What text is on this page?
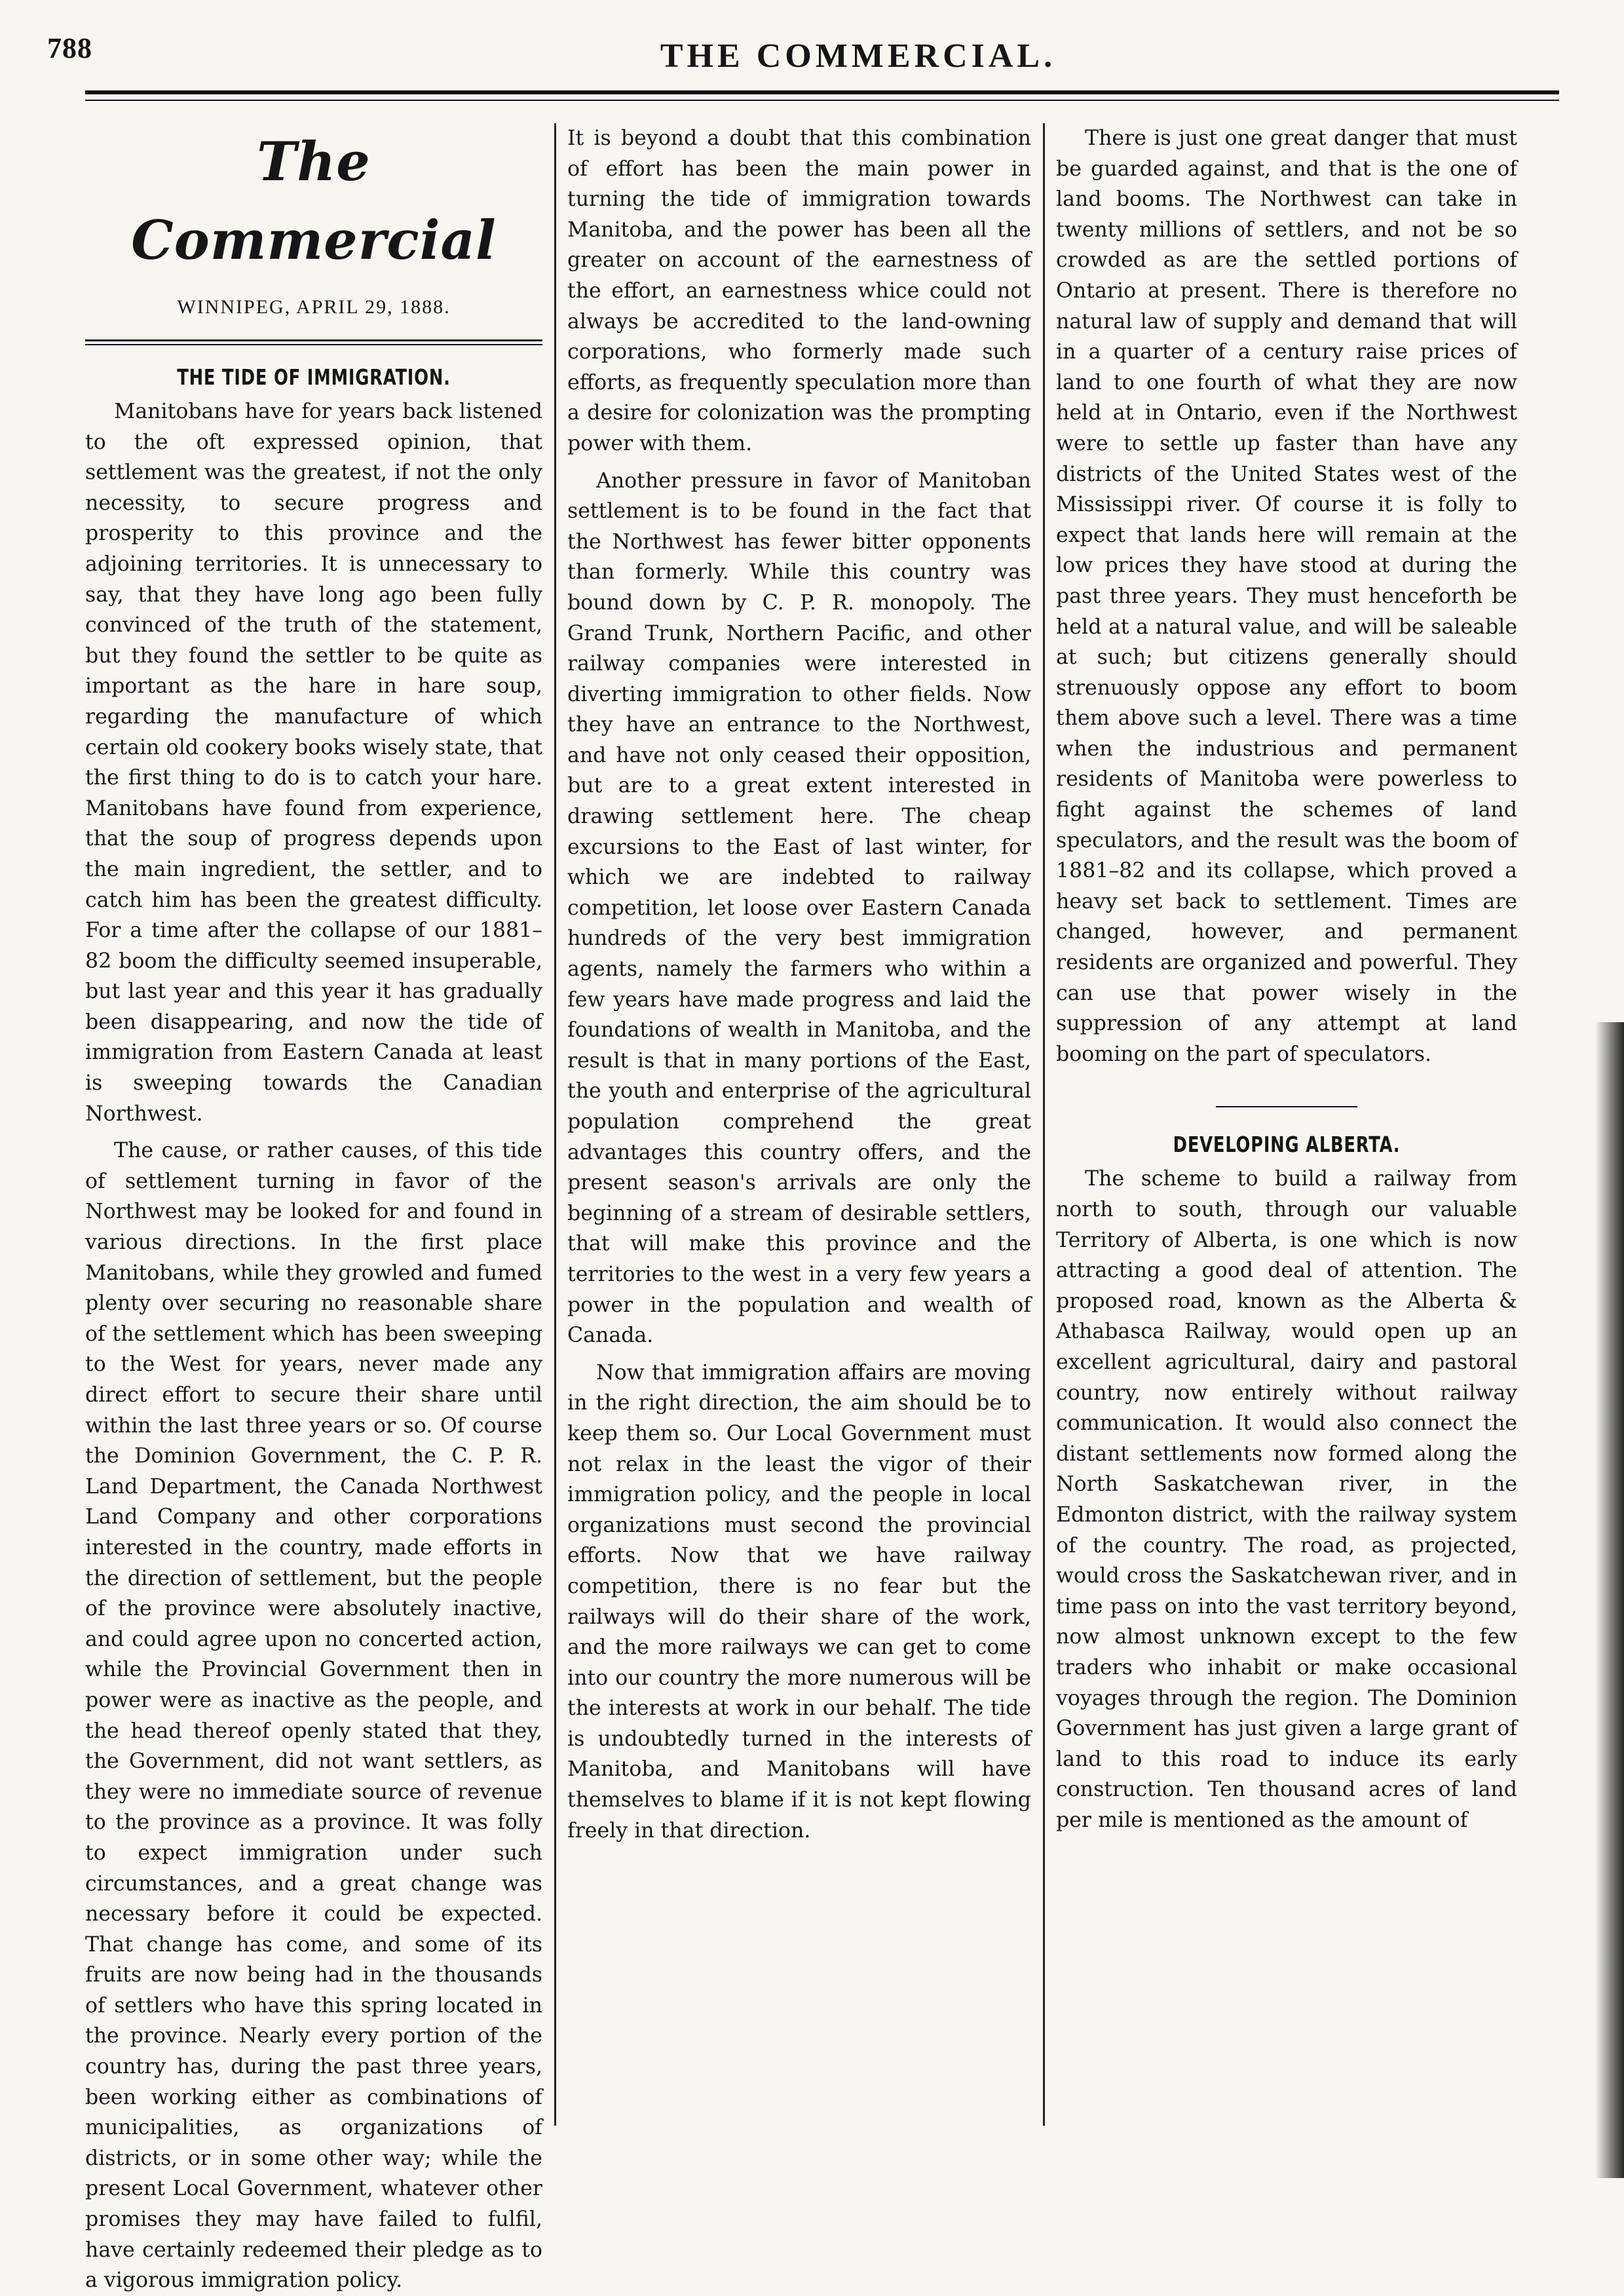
788	THE COMMERCIAL.
The Commercial
WINNIPEG, APRIL 29, 1888.
THE TIDE OF IMMIGRATION.

Manitobans have for years back listened to the oft expressed opinion, that settlement was the greatest, if not the only necessity, to secure progress and prosperity to this province and the adjoining territories. It is unnecessary to say, that they have long ago been fully convinced of the truth of the statement, but they found the settler to be quite as important as the hare in hare soup, regarding the manufacture of which certain old cookery books wisely state, that the first thing to do is to catch your hare. Manitobans have found from experience, that the soup of progress depends upon the main ingredient, the settler, and to catch him has been the greatest difficulty. For a time after the collapse of our 1881–82 boom the difficulty seemed insuperable, but last year and this year it has gradually been disappearing, and now the tide of immigration from Eastern Canada at least is sweeping towards the Canadian Northwest.

The cause, or rather causes, of this tide of settlement turning in favor of the Northwest may be looked for and found in various directions. In the first place Manitobans, while they growled and fumed plenty over securing no reasonable share of the settlement which has been sweeping to the West for years, never made any direct effort to secure their share until within the last three years or so. Of course the Dominion Government, the C. P. R. Land Department, the Canada Northwest Land Company and other corporations interested in the country, made efforts in the direction of settlement, but the people of the province were absolutely inactive, and could agree upon no concerted action, while the Provincial Government then in power were as inactive as the people, and the head thereof openly stated that they, the Government, did not want settlers, as they were no immediate source of revenue to the province as a province. It was folly to expect immigration under such circumstances, and a great change was necessary before it could be expected. That change has come, and some of its fruits are now being had in the thousands of settlers who have this spring located in the province. Nearly every portion of the country has, during the past three years, been working either as combinations of municipalities, as organizations of districts, or in some other way; while the present Local Government, whatever other promises they may have failed to fulfil, have certainly redeemed their pledge as to a vigorous immigration policy.

It is beyond a doubt that this combination of effort has been the main power in turning the tide of immigration towards Manitoba, and the power has been all the greater on account of the earnestness of the effort, an earnestness whice could not always be accredited to the land-owning corporations, who formerly made such efforts, as frequently speculation more than a desire for colonization was the prompting power with them.

Another pressure in favor of Manitoban settlement is to be found in the fact that the Northwest has fewer bitter opponents than formerly. While this country was bound down by C. P. R. monopoly. The Grand Trunk, Northern Pacific, and other railway companies were interested in diverting immigration to other fields. Now they have an entrance to the Northwest, and have not only ceased their opposition, but are to a great extent interested in drawing settlement here. The cheap excursions to the East of last winter, for which we are indebted to railway competition, let loose over Eastern Canada hundreds of the very best immigration agents, namely the farmers who within a few years have made progress and laid the foundations of wealth in Manitoba, and the result is that in many portions of the East, the youth and enterprise of the agricultural population comprehend the great advantages this country offers, and the present season's arrivals are only the beginning of a stream of desirable settlers, that will make this province and the territories to the west in a very few years a power in the population and wealth of Canada.

Now that immigration affairs are moving in the right direction, the aim should be to keep them so. Our Local Government must not relax in the least the vigor of their immigration policy, and the people in local organizations must second the provincial efforts. Now that we have railway competition, there is no fear but the railways will do their share of the work, and the more railways we can get to come into our country the more numerous will be the interests at work in our behalf. The tide is undoubtedly turned in the interests of Manitoba, and Manitobans will have themselves to blame if it is not kept flowing freely in that direction.

There is just one great danger that must be guarded against, and that is the one of land booms. The Northwest can take in twenty millions of settlers, and not be so crowded as are the settled portions of Ontario at present. There is therefore no natural law of supply and demand that will in a quarter of a century raise prices of land to one fourth of what they are now held at in Ontario, even if the Northwest were to settle up faster than have any districts of the United States west of the Mississippi river. Of course it is folly to expect that lands here will remain at the low prices they have stood at during the past three years. They must henceforth be held at a natural value, and will be saleable at such; but citizens generally should strenuously oppose any effort to boom them above such a level. There was a time when the industrious and permanent residents of Manitoba were powerless to fight against the schemes of land speculators, and the result was the boom of 1881–82 and its collapse, which proved a heavy set back to settlement. Times are changed, however, and permanent residents are organized and powerful. They can use that power wisely in the suppression of any attempt at land booming on the part of speculators.

DEVELOPING ALBERTA.

The scheme to build a railway from north to south, through our valuable Territory of Alberta, is one which is now attracting a good deal of attention. The proposed road, known as the Alberta & Athabasca Railway, would open up an excellent agricultural, dairy and pastoral country, now entirely without railway communication. It would also connect the distant settlements now formed along the North Saskatchewan river, in the Edmonton district, with the railway system of the country. The road, as projected, would cross the Saskatchewan river, and in time pass on into the vast territory beyond, now almost unknown except to the few traders who inhabit or make occasional voyages through the region. The Dominion Government has just given a large grant of land to this road to induce its early construction. Ten thousand acres of land per mile is mentioned as the amount of
